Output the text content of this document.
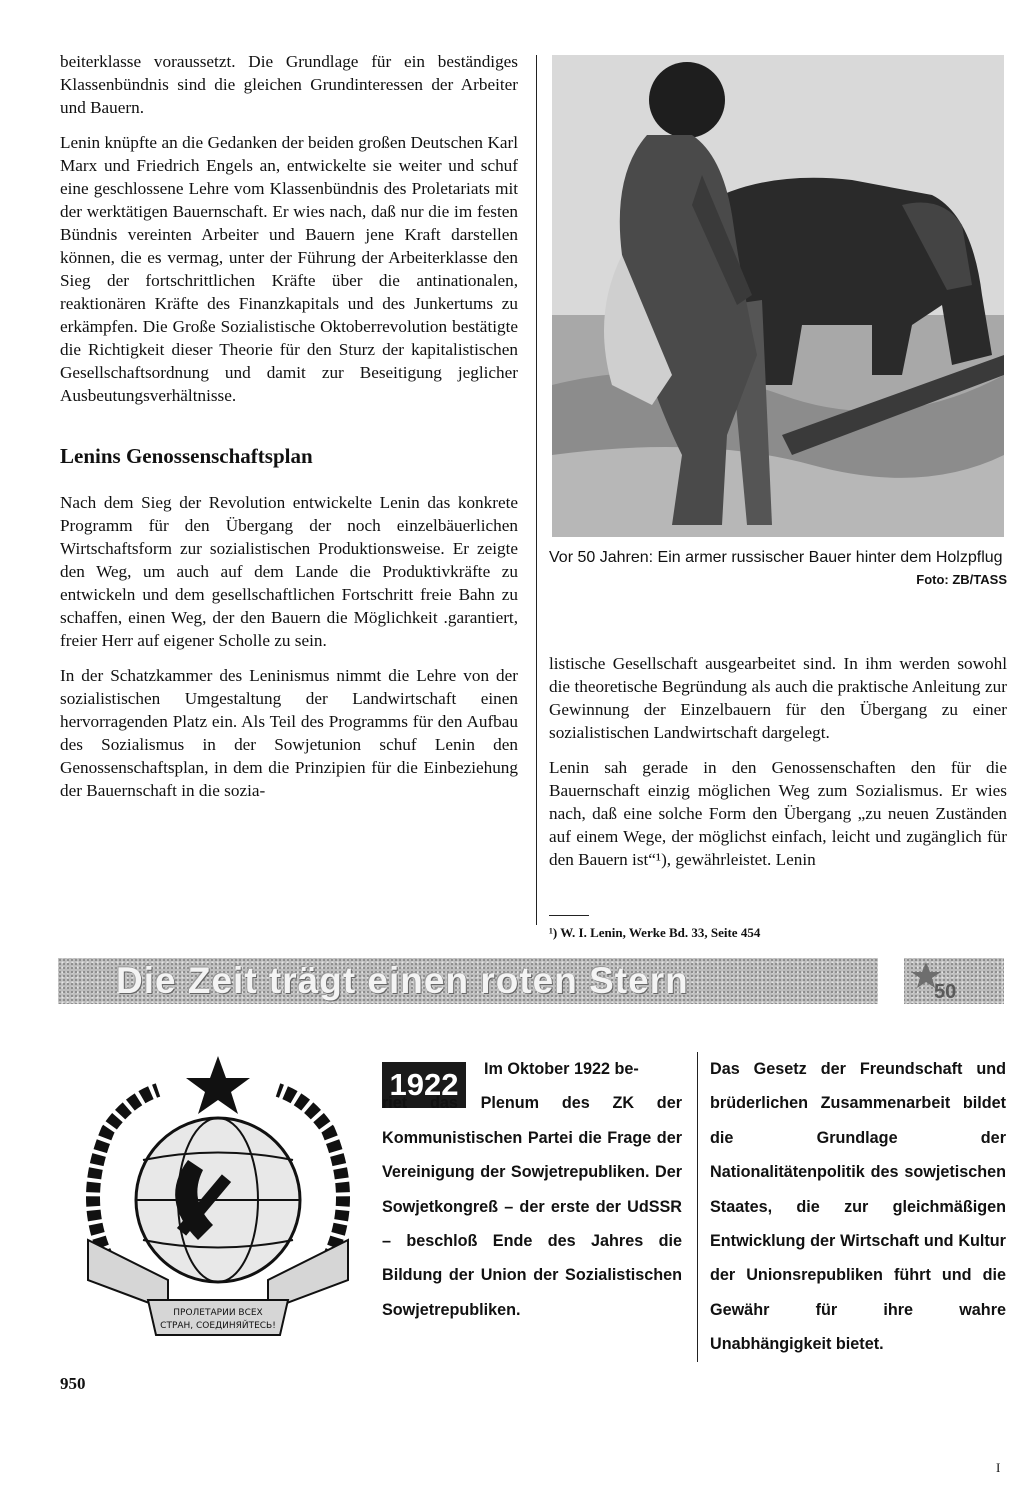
beiterklasse voraussetzt. Die Grundlage für ein beständiges Klassenbündnis sind die gleichen Grundinteressen der Arbeiter und Bauern.

Lenin knüpfte an die Gedanken der beiden großen Deutschen Karl Marx und Friedrich Engels an, entwickelte sie weiter und schuf eine geschlossene Lehre vom Klassenbündnis des Proletariats mit der werktätigen Bauernschaft. Er wies nach, daß nur die im festen Bündnis vereinten Arbeiter und Bauern jene Kraft darstellen können, die es vermag, unter der Führung der Arbeiterklasse den Sieg der fortschrittlichen Kräfte über die antinationalen, reaktionären Kräfte des Finanzkapitals und des Junkertums zu erkämpfen. Die Große Sozialistische Oktoberrevolution bestätigte die Richtigkeit dieser Theorie für den Sturz der kapitalistischen Gesellschaftsordnung und damit zur Beseitigung jeglicher Ausbeutungsverhältnisse.

Lenins Genossenschaftsplan

Nach dem Sieg der Revolution entwickelte Lenin das konkrete Programm für den Übergang der noch einzelbäuerlichen Wirtschaftsform zur sozialistischen Produktionsweise. Er zeigte den Weg, um auch auf dem Lande die Produktivkräfte zu entwickeln und dem gesellschaftlichen Fortschritt freie Bahn zu schaffen, einen Weg, der den Bauern die Möglichkeit .garantiert, freier Herr auf eigener Scholle zu sein.

In der Schatzkammer des Leninismus nimmt die Lehre von der sozialistischen Umgestaltung der Landwirtschaft einen hervorragenden Platz ein. Als Teil des Programms für den Aufbau des Sozialismus in der Sowjetunion schuf Lenin den Genossenschaftsplan, in dem die Prinzipien für die Einbeziehung der Bauernschaft in die sozia-

Vor 50 Jahren: Ein armer russischer Bauer hinter dem Holzpflug
Foto: ZB/TASS

listische Gesellschaft ausgearbeitet sind. In ihm werden sowohl die theoretische Begründung als auch die praktische Anleitung zur Gewinnung der Einzelbauern für den Übergang zu einer sozialistischen Landwirtschaft dargelegt.

Lenin sah gerade in den Genossenschaften den für die Bauernschaft einzig möglichen Weg zum Sozialismus. Er wies nach, daß eine solche Form den Übergang „zu neuen Zuständen auf einem Wege, der möglichst einfach, leicht und zugänglich für den Bauern ist“¹), gewährleistet. Lenin

¹) W. I. Lenin, Werke Bd. 33, Seite 454
Die Zeit trägt einen roten Stern	50
ПРОЛЕТАРИИ ВСЕХ
СТРАН, СОЕДИНЯЙТЕСЬ!
1922	Im Oktober 1922 be-
riet das Plenum des ZK der Kommunistischen Partei die Frage der Vereinigung der Sowjetrepubliken. Der Sowjetkongreß – der erste der UdSSR – beschloß Ende des Jahres die Bildung der Union der Sozialistischen Sowjetrepubliken.
Das Gesetz der Freundschaft und brüderlichen Zusammenarbeit bildet die Grundlage der Nationalitätenpolitik des sowjetischen Staates, die zur gleichmäßigen Entwicklung der Wirtschaft und Kultur der Unionsrepubliken führt und die Gewähr für ihre wahre Unabhängigkeit bietet.
950
I
